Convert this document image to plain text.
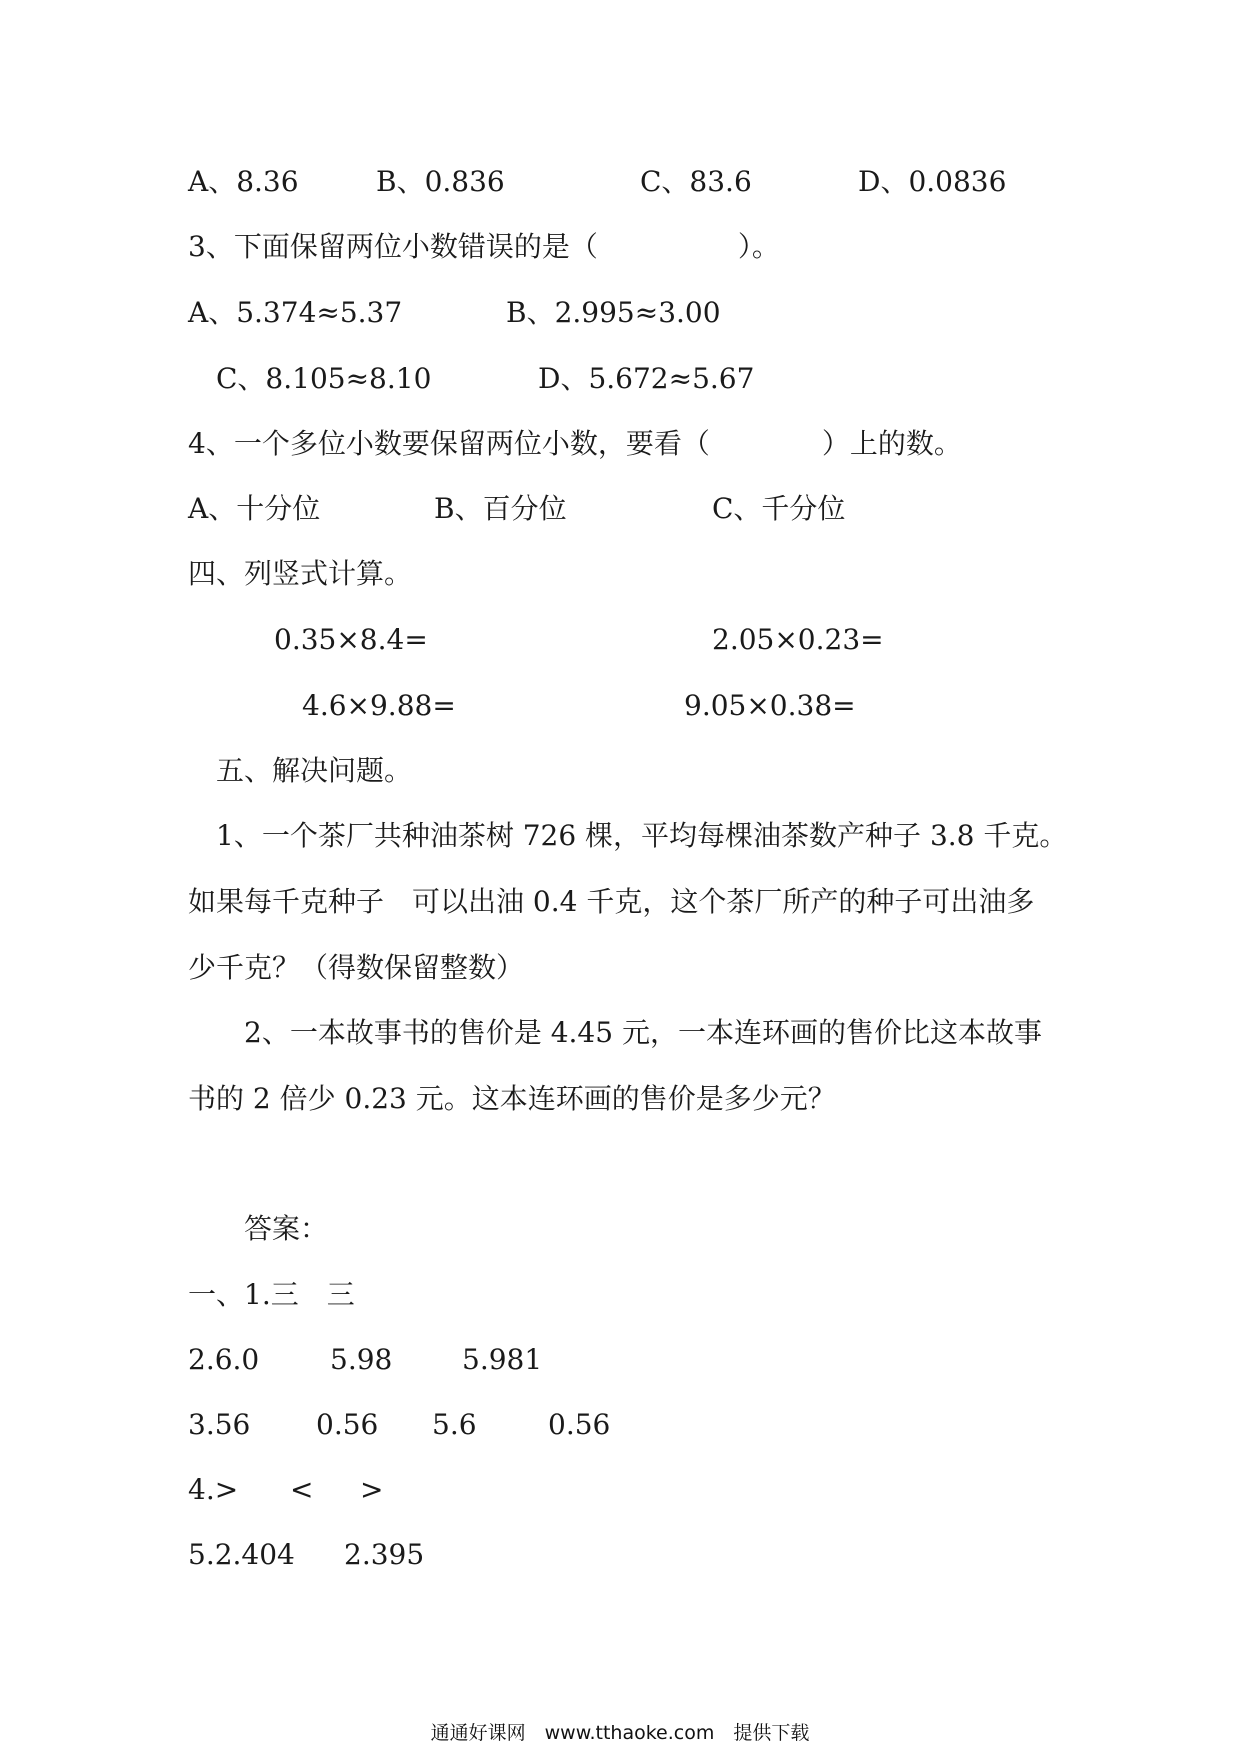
A、8.36	B、0.836	C、83.6	D、0.0836
3、下面保留两位小数错误的是（　　　　　）。
A、5.374≈5.37	B、2.995≈3.00
C、8.105≈8.10	D、5.672≈5.67
4、一个多位小数要保留两位小数，要看（　　　　）上的数。
A、十分位	B、百分位	C、千分位
四、列竖式计算。
0.35×8.4=	2.05×0.23=
4.6×9.88=	9.05×0.38=
五、解决问题。
1、一个茶厂共种油茶树 726 棵，平均每棵油茶数产种子 3.8 千克。
如果每千克种子　可以出油 0.4 千克，这个茶厂所产的种子可出油多
少千克？（得数保留整数）
2、一本故事书的售价是 4.45 元，一本连环画的售价比这本故事
书的 2 倍少 0.23 元。这本连环画的售价是多少元？
答案：
一、1.三　三
2.6.0	5.98 5.981
3.56 0.56 5.6	0.56
4.> < >
5.2.404 2.395
通通好课网　www.tthaoke.com　提供下载
